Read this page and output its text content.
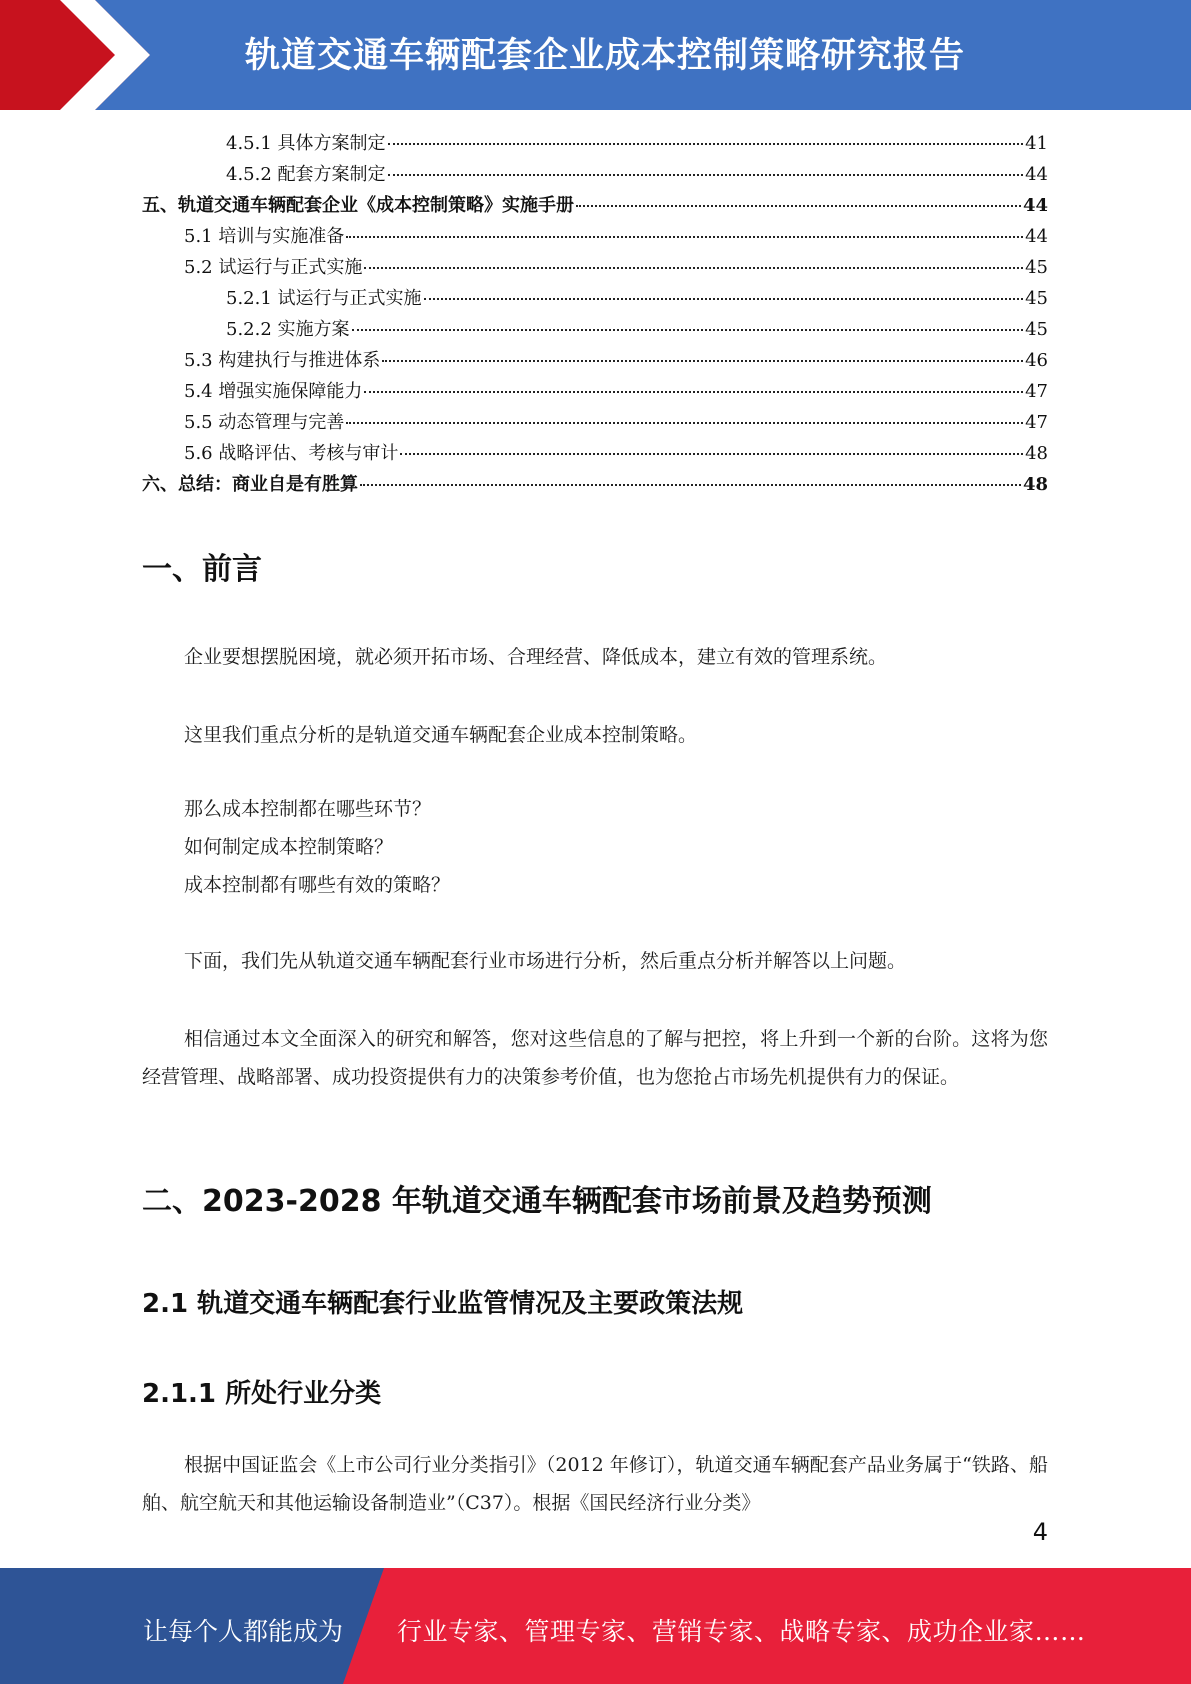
轨道交通车辆配套企业成本控制策略研究报告
4.5.1 具体方案制定	41
4.5.2 配套方案制定	44
五、轨道交通车辆配套企业《成本控制策略》实施手册	44
5.1 培训与实施准备	44
5.2 试运行与正式实施	45
5.2.1 试运行与正式实施	45
5.2.2 实施方案	45
5.3 构建执行与推进体系	46
5.4 增强实施保障能力	47
5.5 动态管理与完善	47
5.6 战略评估、考核与审计	48
六、总结：商业自是有胜算	48
一、前言
企业要想摆脱困境，就必须开拓市场、合理经营、降低成本，建立有效的管理系统。
这里我们重点分析的是轨道交通车辆配套企业成本控制策略。
那么成本控制都在哪些环节？
如何制定成本控制策略？
成本控制都有哪些有效的策略？
下面，我们先从轨道交通车辆配套行业市场进行分析，然后重点分析并解答以上问题。
相信通过本文全面深入的研究和解答，您对这些信息的了解与把控，将上升到一个新的台阶。这将为您经营管理、战略部署、成功投资提供有力的决策参考价值，也为您抢占市场先机提供有力的保证。
二、2023-2028 年轨道交通车辆配套市场前景及趋势预测
2.1 轨道交通车辆配套行业监管情况及主要政策法规
2.1.1 所处行业分类
根据中国证监会《上市公司行业分类指引》（2012 年修订），轨道交通车辆配套产品业务属于“铁路、船舶、航空航天和其他运输设备制造业”（C37）。根据《国民经济行业分类》
4
让每个人都能成为 行业专家、管理专家、营销专家、战略专家、成功企业家……
